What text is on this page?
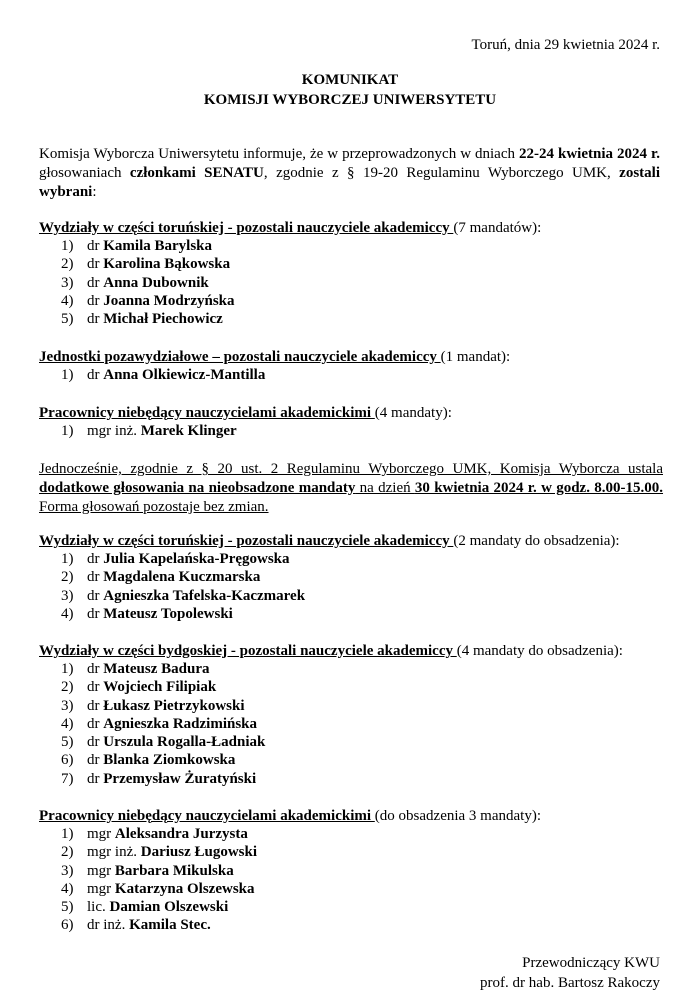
Toruń, dnia 29 kwietnia 2024 r.
KOMUNIKAT
KOMISJI WYBORCZEJ UNIWERSYTETU
Komisja Wyborcza Uniwersytetu informuje, że w przeprowadzonych w dniach 22-24 kwietnia 2024 r. głosowaniach członkami SENATU, zgodnie z § 19-20 Regulaminu Wyborczego UMK, zostali wybrani:
Wydziały w części toruńskiej - pozostali nauczyciele akademiccy (7 mandatów):
1) dr Kamila Barylska
2) dr Karolina Bąkowska
3) dr Anna Dubownik
4) dr Joanna Modrzyńska
5) dr Michał Piechowicz
Jednostki pozawydziałowe – pozostali nauczyciele akademiccy (1 mandat):
1) dr Anna Olkiewicz-Mantilla
Pracownicy niebędący nauczycielami akademickimi (4 mandaty):
1) mgr inż. Marek Klinger
Jednocześnie, zgodnie z § 20 ust. 2 Regulaminu Wyborczego UMK, Komisja Wyborcza ustala dodatkowe głosowania na nieobsadzone mandaty na dzień 30 kwietnia 2024 r. w godz. 8.00-15.00. Forma głosowań pozostaje bez zmian.
Wydziały w części toruńskiej - pozostali nauczyciele akademiccy (2 mandaty do obsadzenia):
1) dr Julia Kapelańska-Pręgowska
2) dr Magdalena Kuczmarska
3) dr Agnieszka Tafelska-Kaczmarek
4) dr Mateusz Topolewski
Wydziały w części bydgoskiej - pozostali nauczyciele akademiccy (4 mandaty do obsadzenia):
1) dr Mateusz Badura
2) dr Wojciech Filipiak
3) dr Łukasz Pietrzykowski
4) dr Agnieszka Radzimińska
5) dr Urszula Rogalla-Ładniak
6) dr Blanka Ziomkowska
7) dr Przemysław Żuratyński
Pracownicy niebędący nauczycielami akademickimi (do obsadzenia 3 mandaty):
1) mgr Aleksandra Jurzysta
2) mgr inż. Dariusz Ługowski
3) mgr Barbara Mikulska
4) mgr Katarzyna Olszewska
5) lic. Damian Olszewski
6) dr inż. Kamila Stec.
Przewodniczący KWU
prof. dr hab. Bartosz Rakoczy
